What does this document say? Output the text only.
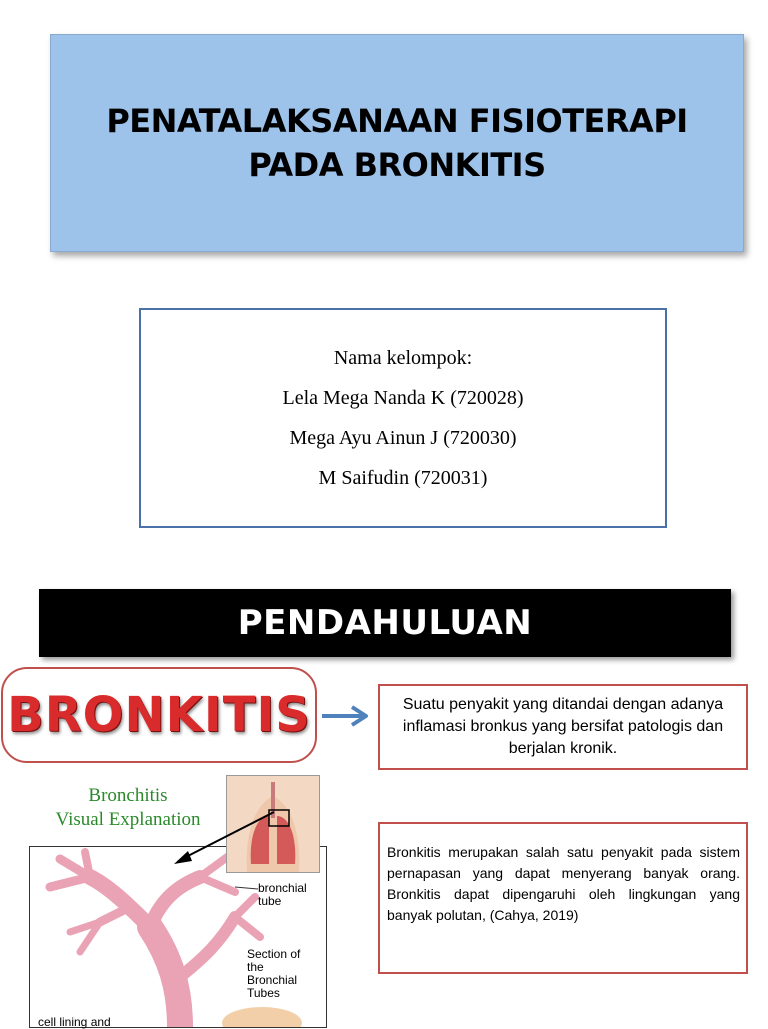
PENATALAKSANAAN FISIOTERAPI
PADA BRONKITIS
Nama kelompok:
Lela Mega Nanda K (720028)
Mega Ayu Ainun J (720030)
M Saifudin (720031)
PENDAHULUAN
BRONKITIS	Suatu penyakit yang ditandai dengan adanya inflamasi bronkus yang bersifat patologis dan berjalan kronik.
Bronkitis merupakan salah satu penyakit pada sistem pernapasan yang dapat menyerang banyak orang. Bronkitis dapat dipengaruhi oleh lingkungan yang banyak polutan, (Cahya, 2019)
Bronchitis
Visual Explanation
bronchial
tube
Section of
the
Bronchial
Tubes
cell lining and
